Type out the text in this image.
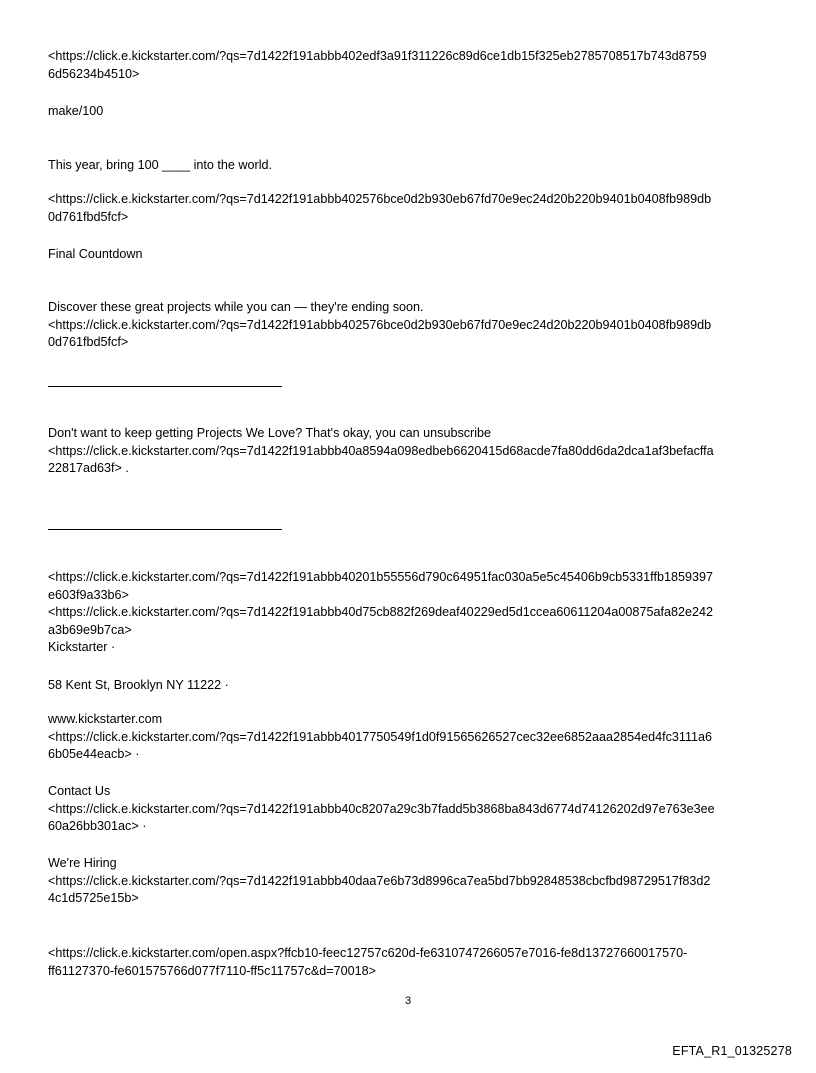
<https://click.e.kickstarter.com/?qs=7d1422f191abbb402edf3a91f311226c89d6ce1db15f325eb2785708517b743d8759
6d56234b4510>
make/100
This year, bring 100 ____ into the world.
<https://click.e.kickstarter.com/?qs=7d1422f191abbb402576bce0d2b930eb67fd70e9ec24d20b220b9401b0408fb989db
0d761fbd5fcf>
Final Countdown
Discover these great projects while you can — they're ending soon.
<https://click.e.kickstarter.com/?qs=7d1422f191abbb402576bce0d2b930eb67fd70e9ec24d20b220b9401b0408fb989db
0d761fbd5fcf>
Don't want to keep getting Projects We Love? That's okay, you can unsubscribe
<https://click.e.kickstarter.com/?qs=7d1422f191abbb40a8594a098edbeb6620415d68acde7fa80dd6da2dca1af3befacffa
22817ad63f> .
<https://click.e.kickstarter.com/?qs=7d1422f191abbb40201b55556d790c64951fac030a5e5c45406b9cb5331ffb1859397
e603f9a33b6>
<https://click.e.kickstarter.com/?qs=7d1422f191abbb40d75cb882f269deaf40229ed5d1ccea60611204a00875afa82e242
a3b69e9b7ca>
Kickstarter ·
58 Kent St, Brooklyn NY 11222 ·
www.kickstarter.com
<https://click.e.kickstarter.com/?qs=7d1422f191abbb4017750549f1d0f91565626527cec32ee6852aaa2854ed4fc3111a6
6b05e44eacb> ·
Contact Us
<https://click.e.kickstarter.com/?qs=7d1422f191abbb40c8207a29c3b7fadd5b3868ba843d6774d74126202d97e763e3ee
60a26bb301ac> ·
We're Hiring
<https://click.e.kickstarter.com/?qs=7d1422f191abbb40daa7e6b73d8996ca7ea5bd7bb92848538cbcfbd98729517f83d2
4c1d5725e15b>
<https://click.e.kickstarter.com/open.aspx?ffcb10-feec12757c620d-fe6310747266057e7016-fe8d13727660017570-
ff61127370-fe601575766d077f7110-ff5c11757c&d=70018>
3
EFTA_R1_01325278
